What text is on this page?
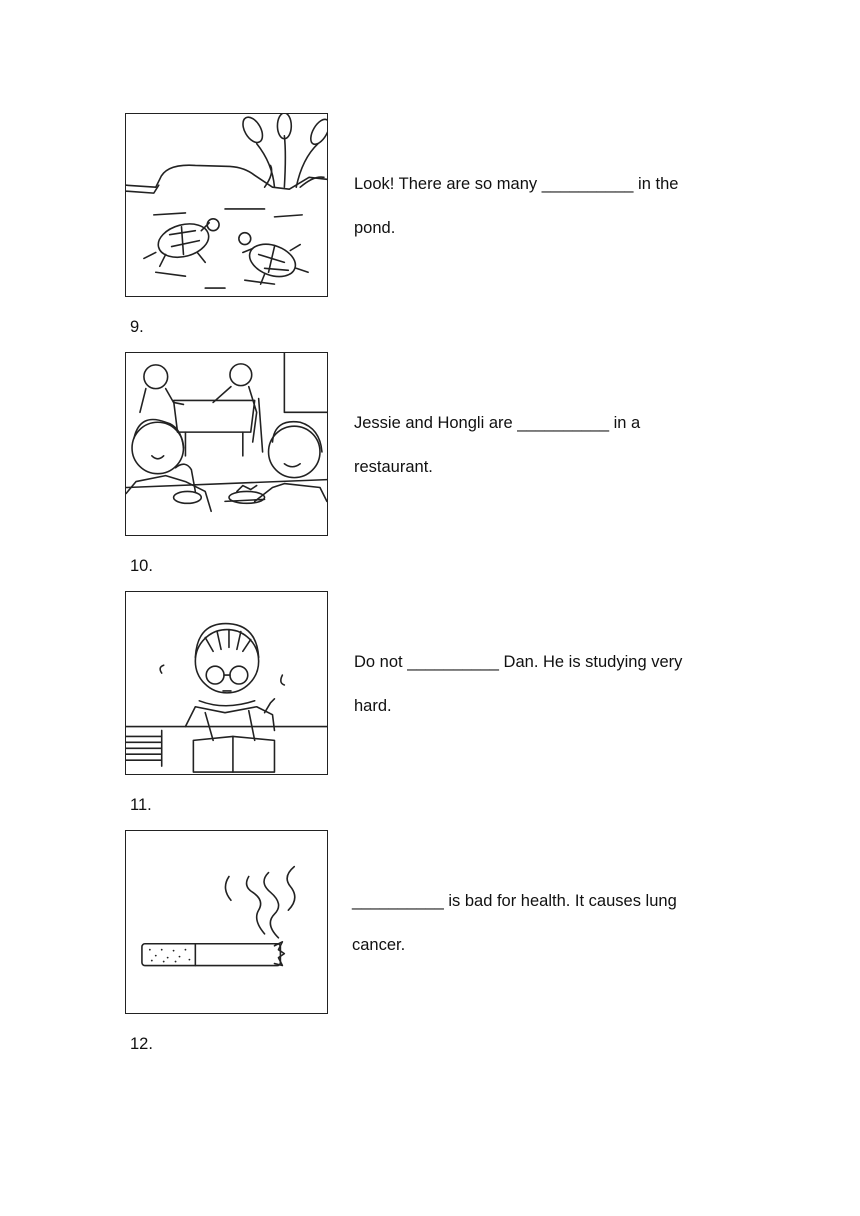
Look! There are so many __________ in the
pond.
9.
Jessie and Hongli are __________ in a
restaurant.
10.
Do not __________ Dan. He is studying very
hard.
11.
__________ is bad for health. It causes lung
cancer.
12.
